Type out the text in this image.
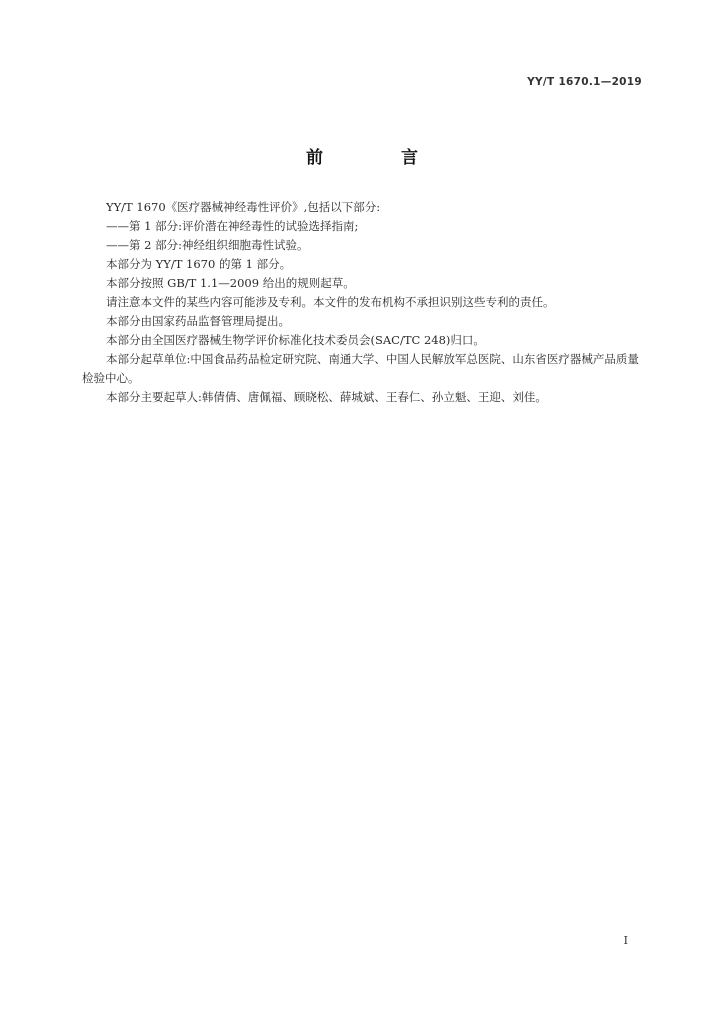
YY/T 1670.1—2019
前 言

YY/T 1670《医疗器械神经毒性评价》,包括以下部分:

——第 1 部分:评价潜在神经毒性的试验选择指南;

——第 2 部分:神经组织细胞毒性试验。

本部分为 YY/T 1670 的第 1 部分。

本部分按照 GB/T 1.1—2009 给出的规则起草。

请注意本文件的某些内容可能涉及专利。本文件的发布机构不承担识别这些专利的责任。

本部分由国家药品监督管理局提出。

本部分由全国医疗器械生物学评价标准化技术委员会(SAC/TC 248)归口。

本部分起草单位:中国食品药品检定研究院、南通大学、中国人民解放军总医院、山东省医疗器械产品质量检验中心。

本部分主要起草人:韩倩倩、唐佩福、顾晓松、薛城斌、王春仁、孙立魁、王迎、刘佳。

I
